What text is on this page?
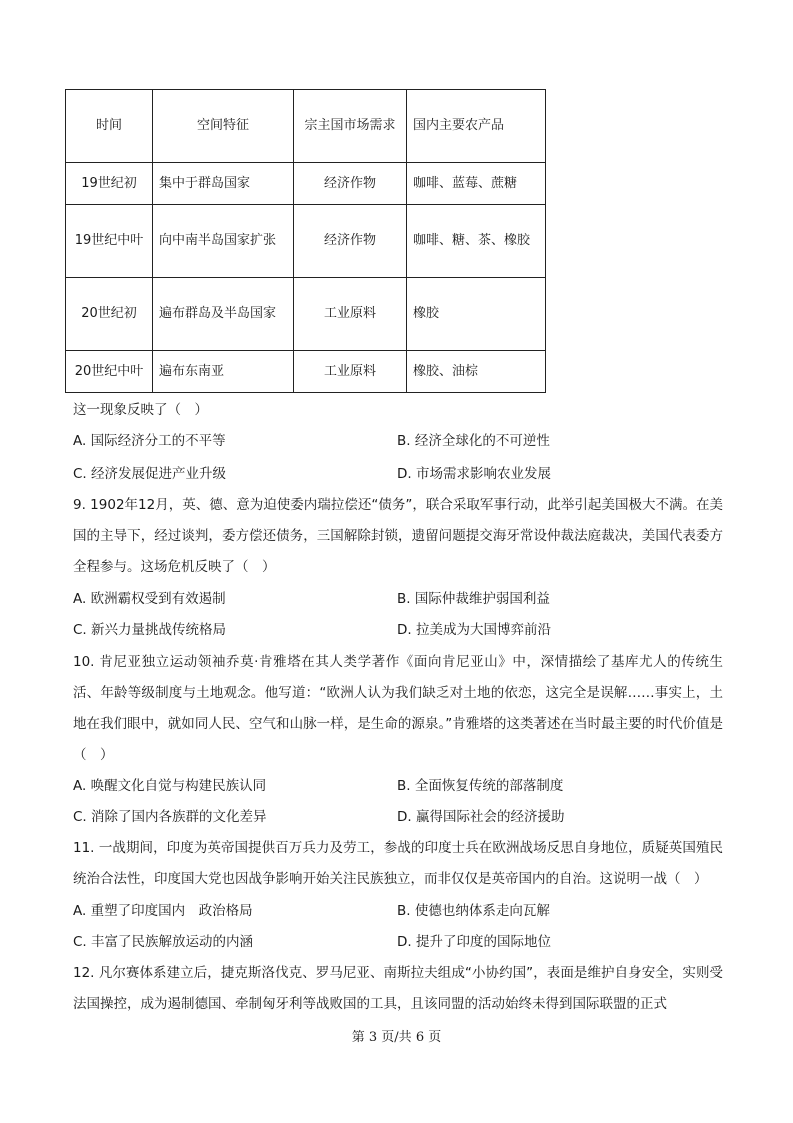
时间	空间特征	宗主国市场需求	国内主要农产品
19世纪初	集中于群岛国家	经济作物	咖啡、蓝莓、蔗糖
19世纪中叶	向中南半岛国家扩张	经济作物	咖啡、糖、茶、橡胶
20世纪初	遍布群岛及半岛国家	工业原料	橡胶
20世纪中叶	遍布东南亚	工业原料	橡胶、油棕

这一现象反映了（　）

A. 国际经济分工的不平等	B. 经济全球化的不可逆性
C. 经济发展促进产业升级	D. 市场需求影响农业发展

9. 1902年12月，英、德、意为迫使委内瑞拉偿还“债务”，联合采取军事行动，此举引起美国极大不满。在美国的主导下，经过谈判，委方偿还债务，三国解除封锁，遗留问题提交海牙常设仲裁法庭裁决，美国代表委方全程参与。这场危机反映了（　）

A. 欧洲霸权受到有效遏制	B. 国际仲裁维护弱国利益
C. 新兴力量挑战传统格局	D. 拉美成为大国博弈前沿

10. 肯尼亚独立运动领袖乔莫·肯雅塔在其人类学著作《面向肯尼亚山》中，深情描绘了基库尤人的传统生活、年龄等级制度与土地观念。他写道：“欧洲人认为我们缺乏对土地的依恋，这完全是误解……事实上，土地在我们眼中，就如同人民、空气和山脉一样，是生命的源泉。”肯雅塔的这类著述在当时最主要的时代价值是（　）

A. 唤醒文化自觉与构建民族认同	B. 全面恢复传统的部落制度
C. 消除了国内各族群的文化差异	D. 赢得国际社会的经济援助

11. 一战期间，印度为英帝国提供百万兵力及劳工，参战的印度士兵在欧洲战场反思自身地位，质疑英国殖民统治合法性，印度国大党也因战争影响开始关注民族独立，而非仅仅是英帝国内的自治。这说明一战（　）

A. 重塑了印度国内　政治格局	B. 使德也纳体系走向瓦解
C. 丰富了民族解放运动的内涵	D. 提升了印度的国际地位

12. 凡尔赛体系建立后，捷克斯洛伐克、罗马尼亚、南斯拉夫组成“小协约国”，表面是维护自身安全，实则受法国操控，成为遏制德国、牵制匈牙利等战败国的工具，且该同盟的活动始终未得到国际联盟的正式

第 3 页/共 6 页
